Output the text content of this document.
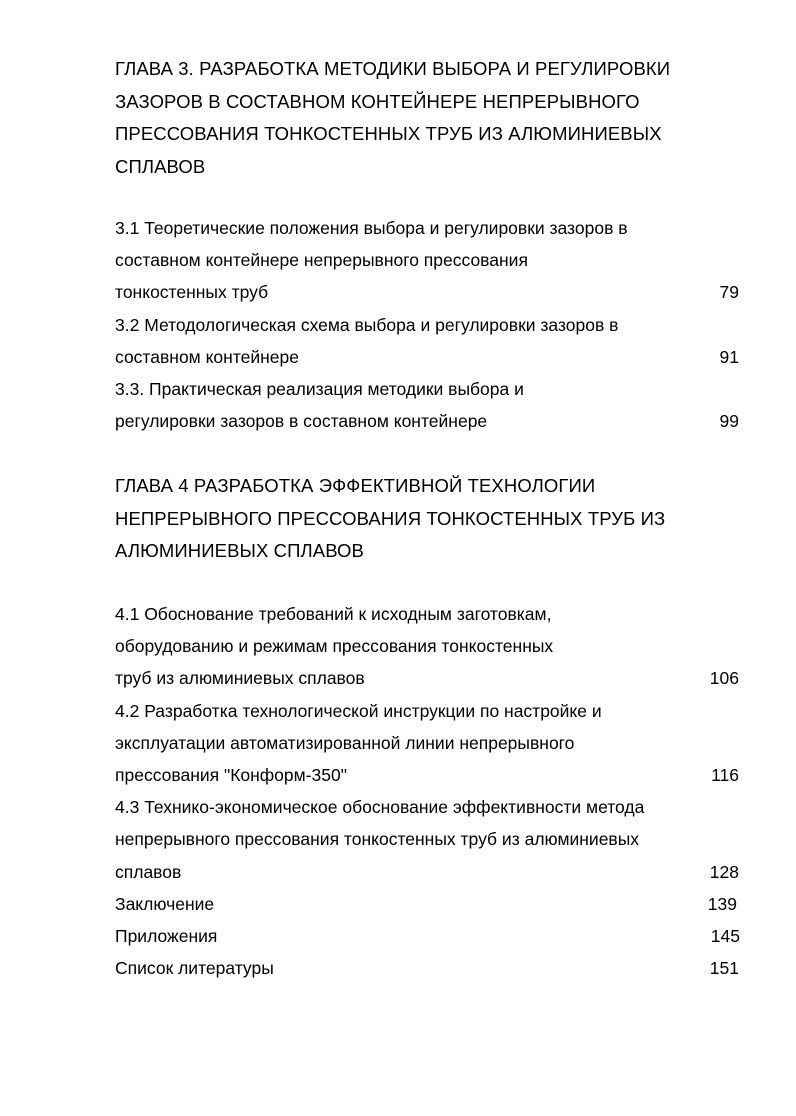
ГЛАВА 3. РАЗРАБОТКА МЕТОДИКИ ВЫБОРА И РЕГУЛИРОВКИ
ЗАЗОРОВ В СОСТАВНОМ КОНТЕЙНЕРЕ НЕПРЕРЫВНОГО
ПРЕССОВАНИЯ ТОНКОСТЕННЫХ ТРУБ ИЗ АЛЮМИНИЕВЫХ
СПЛАВОВ
3.1 Теоретические положения выбора и регулировки зазоров в
составном контейнере непрерывного прессования
тонкостенных труб	79
3.2 Методологическая схема выбора и регулировки зазоров в
составном контейнере	91
3.3. Практическая реализация методики выбора и
регулировки зазоров в составном контейнере	99
ГЛАВА 4 РАЗРАБОТКА ЭФФЕКТИВНОЙ ТЕХНОЛОГИИ
НЕПРЕРЫВНОГО ПРЕССОВАНИЯ ТОНКОСТЕННЫХ ТРУБ ИЗ
АЛЮМИНИЕВЫХ СПЛАВОВ
4.1 Обоснование требований к исходным заготовкам,
оборудованию и режимам прессования тонкостенных
труб из алюминиевых сплавов	106
4.2 Разработка технологической инструкции по настройке и
эксплуатации автоматизированной линии непрерывного
прессования "Конформ-350"	116
4.3 Технико-экономическое обоснование эффективности метода
непрерывного прессования тонкостенных труб из алюминиевых
сплавов	128
Заключение	139
Приложения	145
Список литературы	151
